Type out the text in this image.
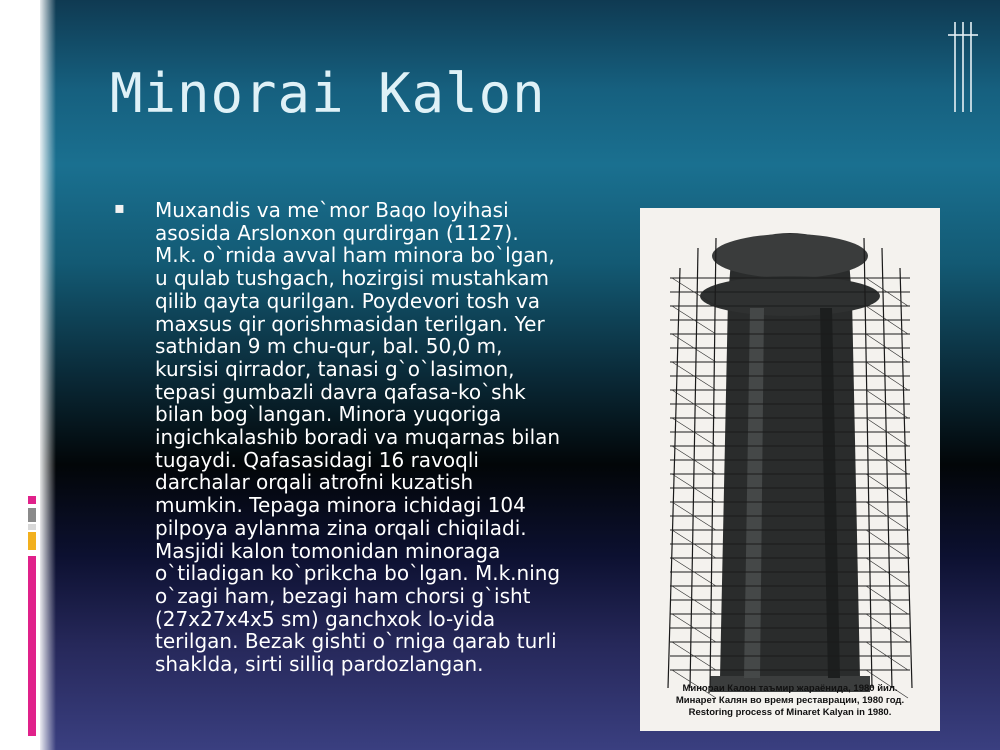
Minorai Kalon
▪ Muxandis va me`mor Baqo loyihasi asosida Arslonxon qurdirgan (1127). M.k. o`rnida avval ham minora bo`lgan, u qulab tushgach, hozirgisi mustahkam qilib qayta qurilgan. Poydevori tosh va maxsus qir qorishmasidan terilgan. Yer sathidan 9 m chu-qur, bal. 50,0 m, kursisi qirrador, tanasi g`o`lasimon, tepasi gumbazli davra qafasa-ko`shk bilan bog`langan. Minora yuqoriga ingichkalashib boradi va muqarnas bilan tugaydi. Qafasasidagi 16 ravoqli darchalar orqali atrofni kuzatish mumkin. Tepaga minora ichidagi 104 pilpoya aylanma zina orqali chiqiladi. Masjidi kalon tomonidan minoraga o`tiladigan ko`prikcha bo`lgan. M.k.ning o`zagi ham, bezagi ham chorsi g`isht (27x27x4x5 sm) ganchxok lo-yida terilgan. Bezak gishti o`rniga qarab turli shaklda, sirti silliq pardozlangan.
Минораи Калон таъмир жараёнида, 1980 йил.
Минарет Калян во время реставрации, 1980 год.
Restoring process of Minaret Kalyan in 1980.
